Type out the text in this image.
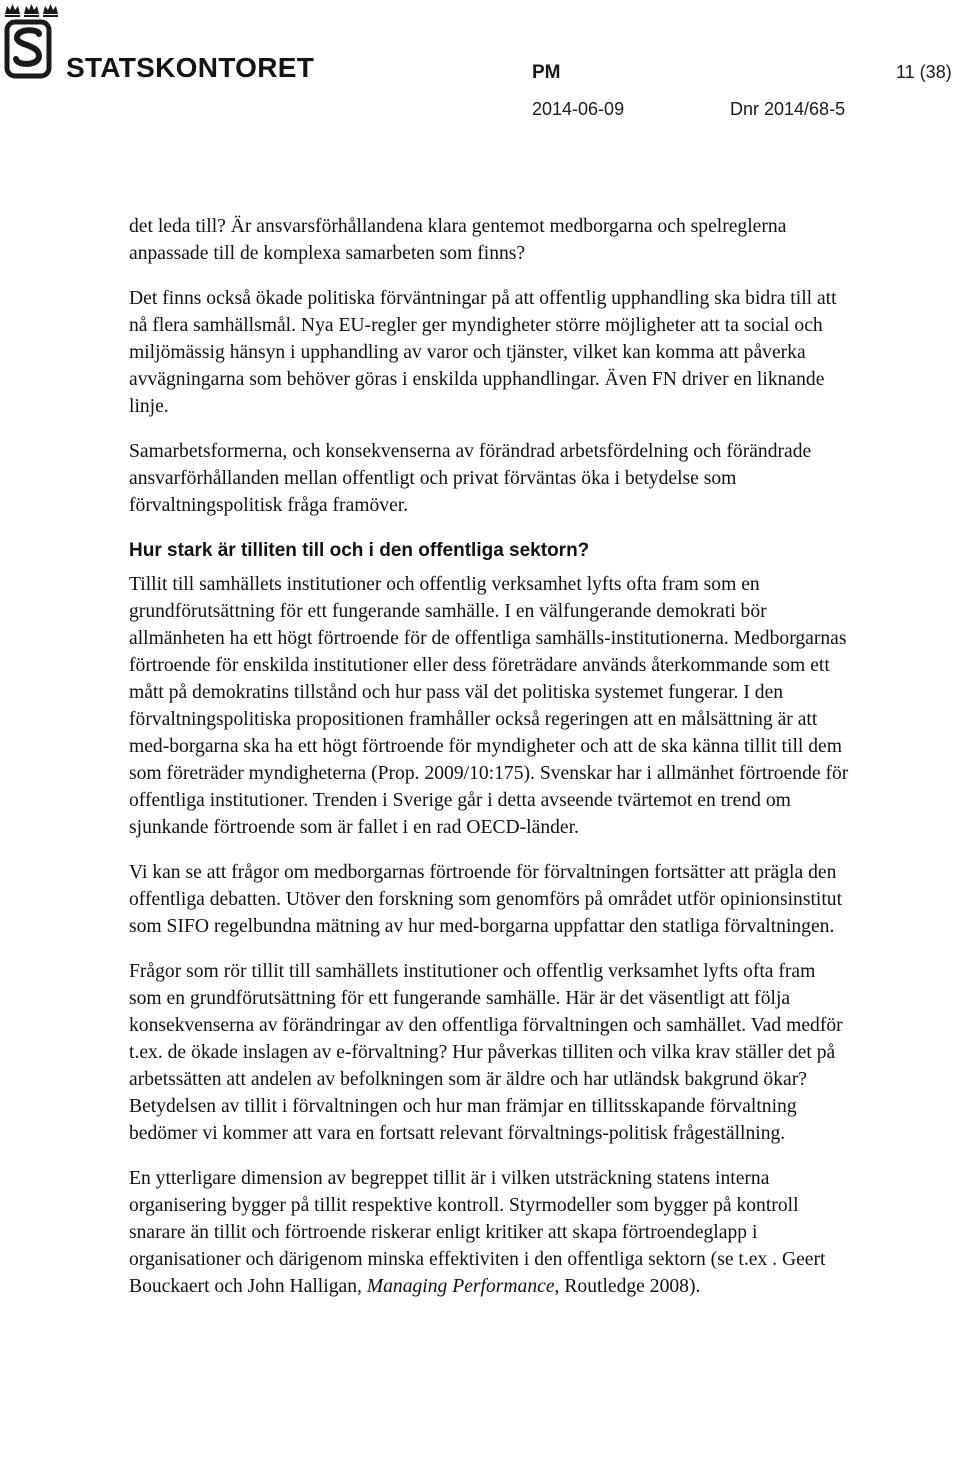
STATSKONTORET	PM	11 (38)
2014-06-09	Dnr 2014/68-5

det leda till? Är ansvarsförhållandena klara gentemot medborgarna och spelreglerna anpassade till de komplexa samarbeten som finns?

Det finns också ökade politiska förväntningar på att offentlig upphandling ska bidra till att nå flera samhällsmål. Nya EU-regler ger myndigheter större möjligheter att ta social och miljömässig hänsyn i upphandling av varor och tjänster, vilket kan komma att påverka avvägningarna som behöver göras i enskilda upphandlingar. Även FN driver en liknande linje.

Samarbetsformerna, och konsekvenserna av förändrad arbetsfördelning och förändrade ansvarförhållanden mellan offentligt och privat förväntas öka i betydelse som förvaltningspolitisk fråga framöver.

Hur stark är tilliten till och i den offentliga sektorn?

Tillit till samhällets institutioner och offentlig verksamhet lyfts ofta fram som en grundförutsättning för ett fungerande samhälle. I en välfungerande demokrati bör allmänheten ha ett högt förtroende för de offentliga samhälls-institutionerna. Medborgarnas förtroende för enskilda institutioner eller dess företrädare används återkommande som ett mått på demokratins tillstånd och hur pass väl det politiska systemet fungerar. I den förvaltningspolitiska propositionen framhåller också regeringen att en målsättning är att med-borgarna ska ha ett högt förtroende för myndigheter och att de ska känna tillit till dem som företräder myndigheterna (Prop. 2009/10:175). Svenskar har i allmänhet förtroende för offentliga institutioner. Trenden i Sverige går i detta avseende tvärtemot en trend om sjunkande förtroende som är fallet i en rad OECD-länder.

Vi kan se att frågor om medborgarnas förtroende för förvaltningen fortsätter att prägla den offentliga debatten. Utöver den forskning som genomförs på området utför opinionsinstitut som SIFO regelbundna mätning av hur med-borgarna uppfattar den statliga förvaltningen.

Frågor som rör tillit till samhällets institutioner och offentlig verksamhet lyfts ofta fram som en grundförutsättning för ett fungerande samhälle. Här är det väsentligt att följa konsekvenserna av förändringar av den offentliga förvaltningen och samhället. Vad medför t.ex. de ökade inslagen av e-förvaltning? Hur påverkas tilliten och vilka krav ställer det på arbetssätten att andelen av befolkningen som är äldre och har utländsk bakgrund ökar? Betydelsen av tillit i förvaltningen och hur man främjar en tillitsskapande förvaltning bedömer vi kommer att vara en fortsatt relevant förvaltnings-politisk frågeställning.

En ytterligare dimension av begreppet tillit är i vilken utsträckning statens interna organisering bygger på tillit respektive kontroll. Styrmodeller som bygger på kontroll snarare än tillit och förtroende riskerar enligt kritiker att skapa förtroendeglapp i organisationer och därigenom minska effektiviten i den offentliga sektorn (se t.ex . Geert Bouckaert och John Halligan, Managing Performance, Routledge 2008).
